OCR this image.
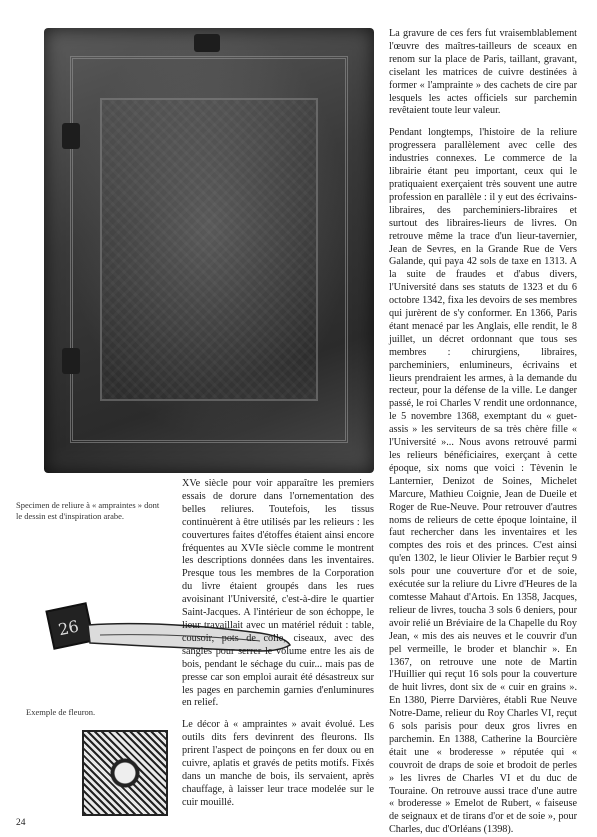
Specimen de reliure à « ampraintes » dont le dessin est d'inspiration arabe.
26
Exemple de fleuron.

XVe siècle pour voir apparaître les premiers essais de dorure dans l'ornementation des belles reliures. Toutefois, les tissus continuèrent à être utilisés par les relieurs : les couvertures faites d'étoffes étaient ainsi encore fréquentes au XVIe siècle comme le montrent les descriptions données dans les inventaires. Presque tous les membres de la Corporation du livre étaient groupés dans les rues avoisinant l'Université, c'est-à-dire le quartier Saint-Jacques. A l'intérieur de son échoppe, le lieur travaillait avec un matériel réduit : table, cousoir, pots de colle, ciseaux, avec des sangles pour serrer le volume entre les ais de bois, pendant le séchage du cuir... mais pas de presse car son emploi aurait été désastreux sur les pages en parchemin garnies d'enluminures en relief.

Le décor à « ampraintes » avait évolué. Les outils dits fers devinrent des fleurons. Ils prirent l'aspect de poinçons en fer doux ou en cuivre, aplatis et gravés de petits motifs. Fixés dans un manche de bois, ils servaient, après chauffage, à laisser leur trace modelée sur le cuir mouillé.

La gravure de ces fers fut vraisemblablement l'œuvre des maîtres-tailleurs de sceaux en renom sur la place de Paris, taillant, gravant, ciselant les matrices de cuivre destinées à former « l'amprainte » des cachets de cire par lesquels les actes officiels sur parchemin revêtaient toute leur valeur.

Pendant longtemps, l'histoire de la reliure progressera parallèlement avec celle des industries connexes. Le commerce de la librairie étant peu important, ceux qui le pratiquaient exerçaient très souvent une autre profession en parallèle : il y eut des écrivains-libraires, des parcheminiers-libraires et surtout des libraires-lieurs de livres. On retrouve même la trace d'un lieur-tavernier, Jean de Sevres, en la Grande Rue de Vers Galande, qui paya 42 sols de taxe en 1313. A la suite de fraudes et d'abus divers, l'Université dans ses statuts de 1323 et du 6 octobre 1342, fixa les devoirs de ses membres qui jurèrent de s'y conformer. En 1366, Paris étant menacé par les Anglais, elle rendit, le 8 juillet, un décret ordonnant que tous ses membres : chirurgiens, libraires, parcheminiers, enlumineurs, écrivains et lieurs prendraient les armes, à la demande du recteur, pour la défense de la ville. Le danger passé, le roi Charles V rendit une ordonnance, le 5 novembre 1368, exemptant du « guet-assis » les serviteurs de sa très chère fille « l'Université »... Nous avons retrouvé parmi les relieurs bénéficiaires, exerçant à cette époque, six noms que voici : Tèvenin le Lanternier, Denizot de Soines, Michelet Marcure, Mathieu Coignie, Jean de Dueile et Roger de Rue-Neuve. Pour retrouver d'autres noms de relieurs de cette époque lointaine, il faut rechercher dans les inventaires et les comptes des rois et des princes. C'est ainsi qu'en 1302, le lieur Olivier le Barbier reçut 9 sols pour une couverture d'or et de soie, exécutée sur la reliure du Livre d'Heures de la comtesse Mahaut d'Artois. En 1358, Jacques, relieur de livres, toucha 3 sols 6 deniers, pour avoir relié un Bréviaire de la Chapelle du Roy Jean, « mis des ais neuves et le couvrir d'un pel vermeille, le broder et blanchir ». En 1367, on retrouve une note de Martin l'Huillier qui reçut 16 sols pour la couverture de huit livres, dont six de « cuir en grains ». En 1380, Pierre Darvières, établi Rue Neuve Notre-Dame, relieur du Roy Charles VI, reçut 6 sols parisis pour deux gros livres en parchemin. En 1388, Catherine la Bourcière était une « broderesse » réputée qui « couvroit de draps de soie et brodoit de perles » les livres de Charles VI et du duc de Touraine. On retrouve aussi trace d'une autre « broderesse » Emelot de Rubert, « faiseuse de seignaux et de tirans d'or et de soie », pour Charles, duc d'Orléans (1398).

24
